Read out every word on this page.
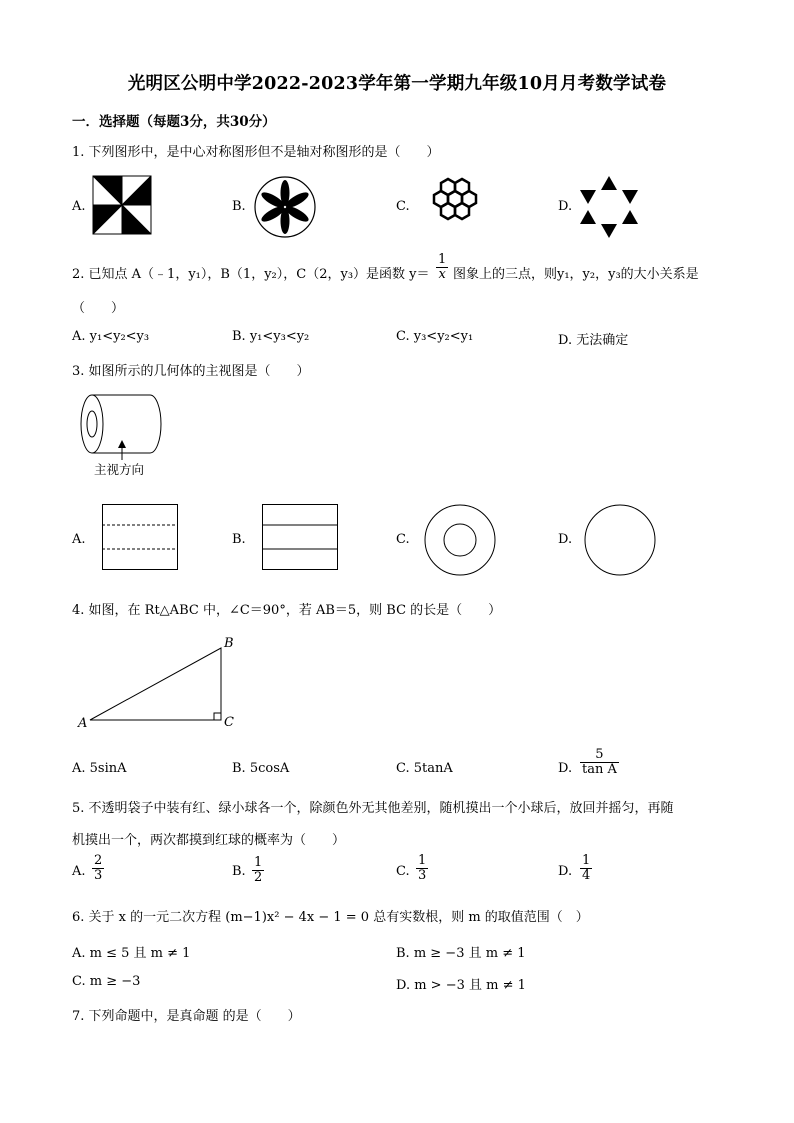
光明区公明中学2022-2023学年第一学期九年级10月月考数学试卷
一．选择题（每题3分，共30分）
1. 下列图形中，是中心对称图形但不是轴对称图形的是（　　）
A.	B.	C.	D.
2. 已知点 A（﹣1，y₁），B（1，y₂），C（2，y₃）是函数 $y= \frac{1}{x}$ 图象上的三点，则y₁，y₂，y₃的大小关系是
（　　）
A. y₁<y₂<y₃	B. y₁<y₃<y₂	C. y₃<y₂<y₁	D. 无法确定
3. 如图所示的几何体的主视图是（　　）
主视方向
A.	B.	C.	D.
4. 如图，在 Rt△ABC 中，∠C＝90°，若 AB＝5，则 BC 的长是（　　）
A
B
C
A. 5sinA	B. 5cosA	C. 5tanA	D. $\frac{5}{\text{tan A}}$
5. 不透明袋子中装有红、绿小球各一个，除颜色外无其他差别，随机摸出一个小球后，放回并摇匀，再随
机摸出一个，两次都摸到红球的概率为（　　）
A. $\frac{2}{3}$	B. $\frac{1}{2}$	C. $\frac{1}{3}$	D. $\frac{1}{4}$
6. 关于 x 的一元二次方程 (m−1)x² − 4x − 1 = 0 总有实数根，则 m 的取值范围（　）
A. m ≤ 5 且 m ≠ 1	B. m ≥ −3 且 m ≠ 1
C. m ≥ −3	D. m > −3 且 m ≠ 1
7. 下列命题中，是真命题 的是（　　）
